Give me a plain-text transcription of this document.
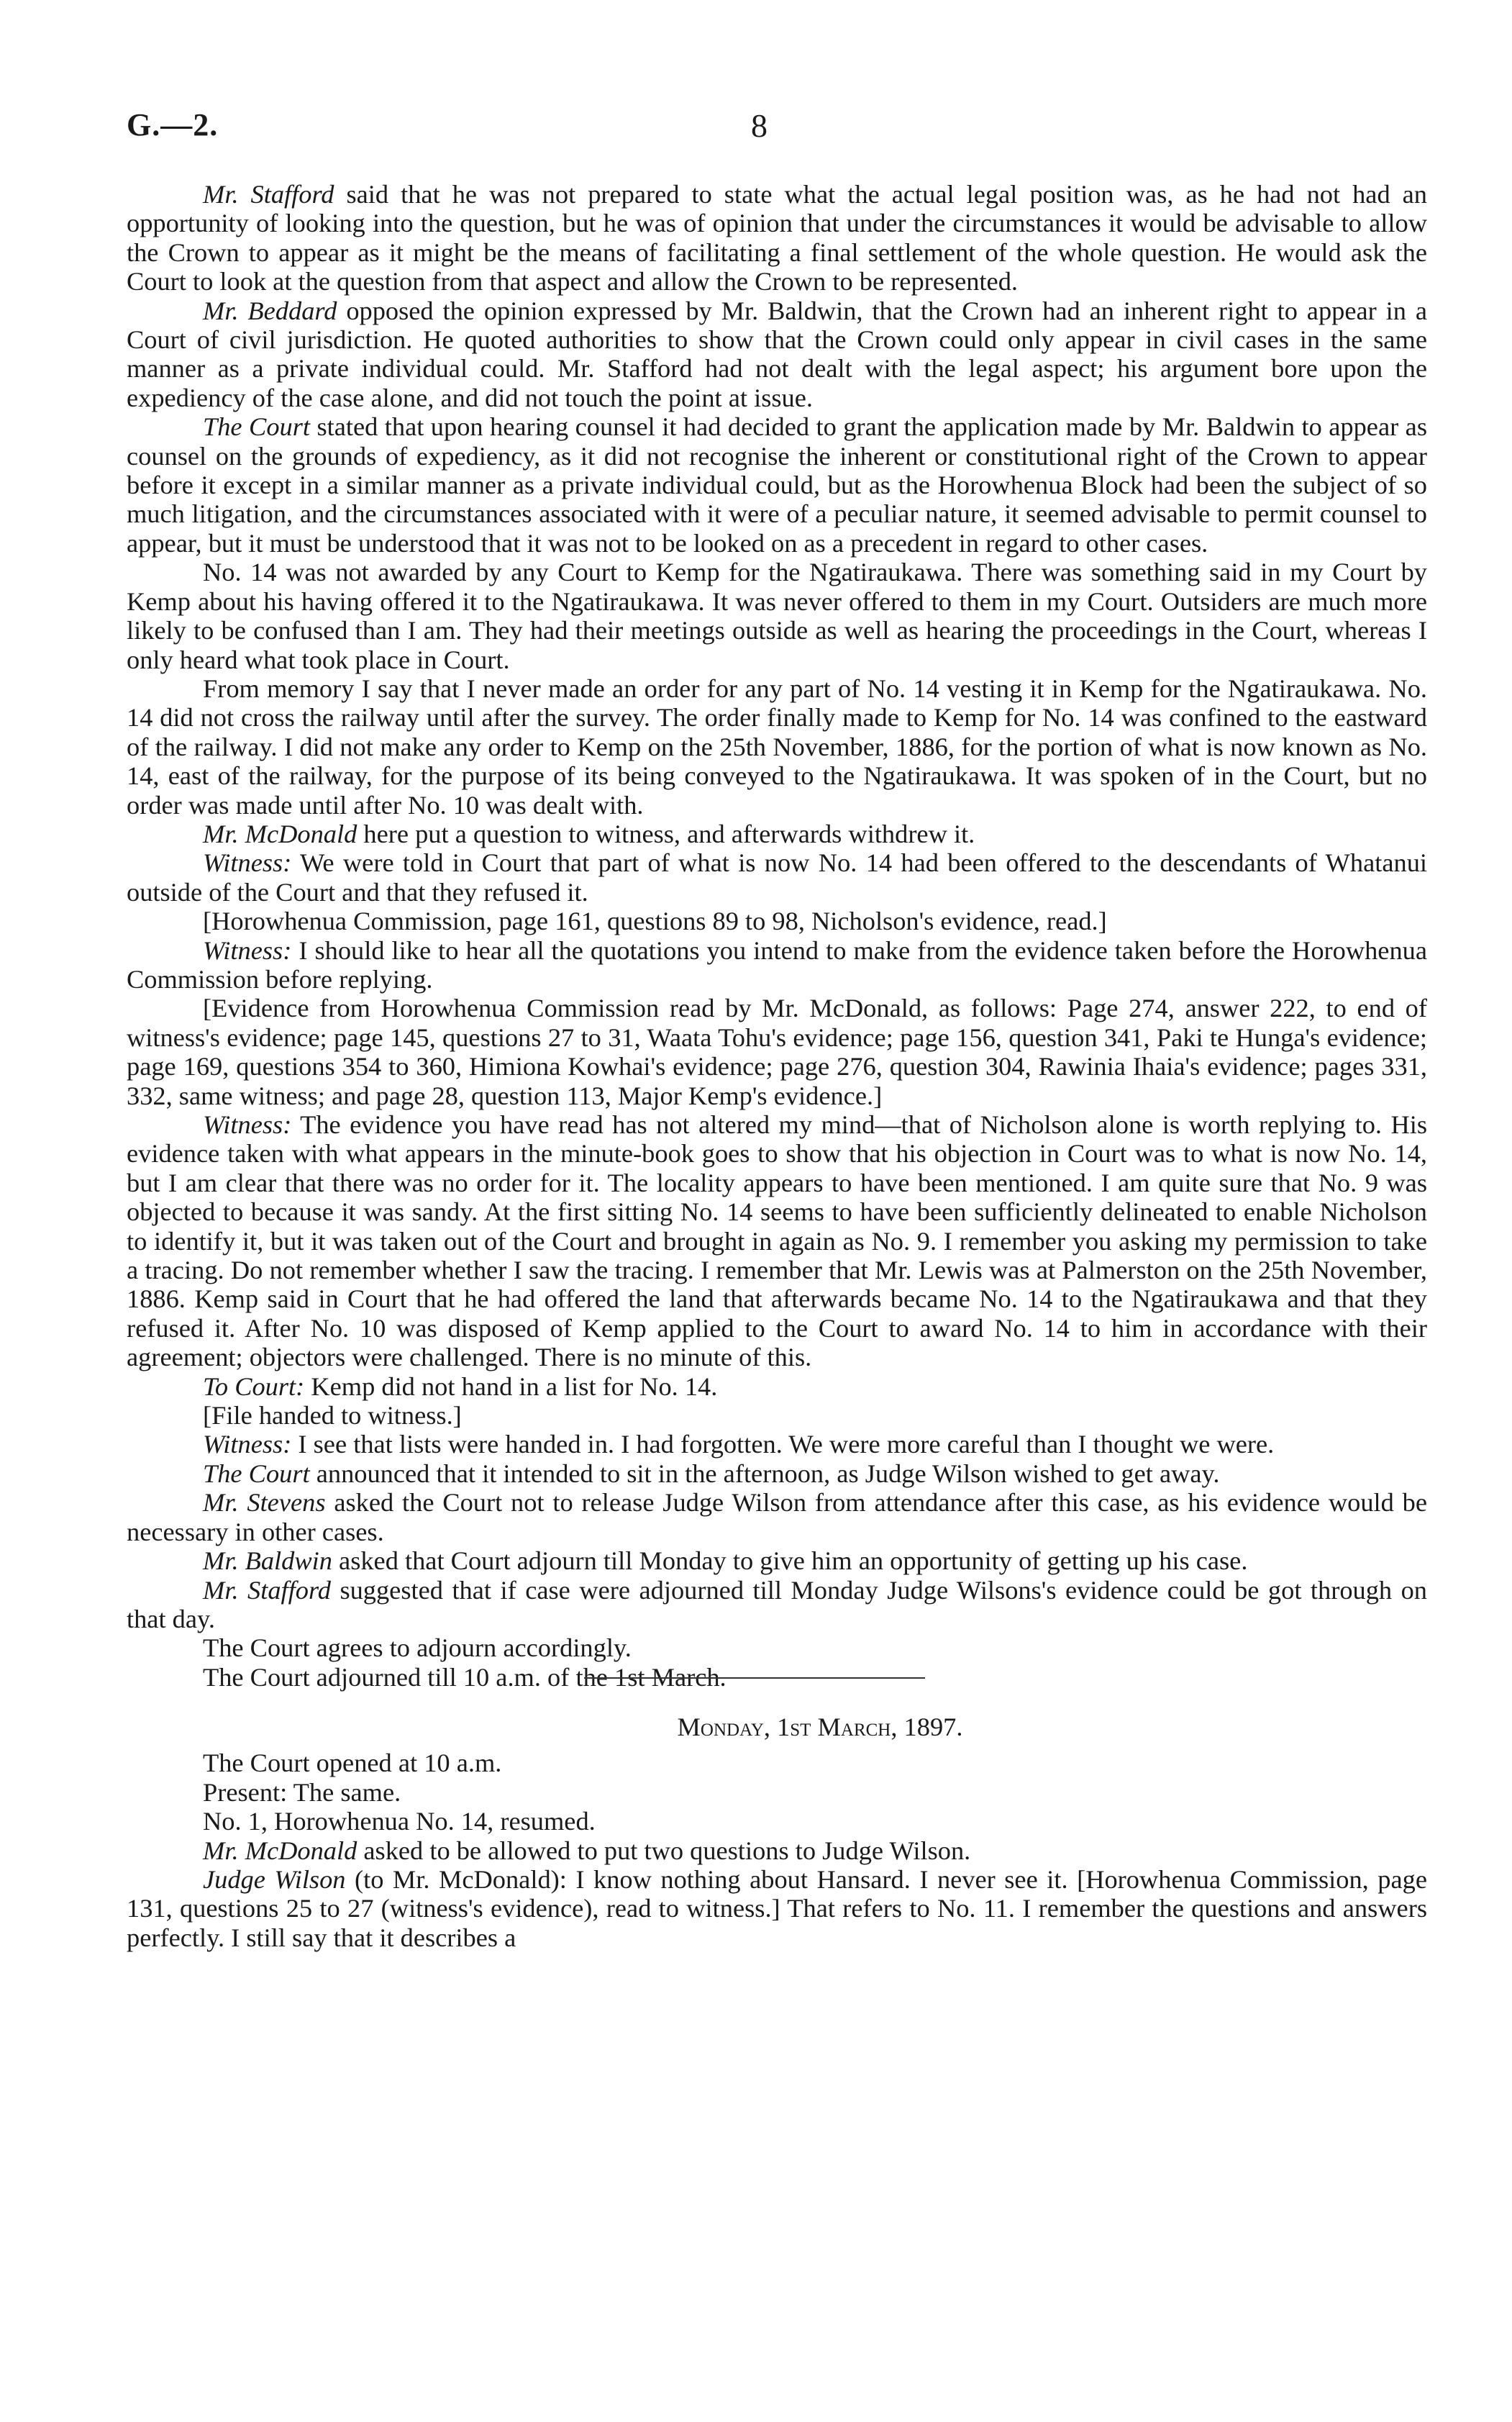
G.—2.	8

Mr. Stafford said that he was not prepared to state what the actual legal position was, as he had not had an opportunity of looking into the question, but he was of opinion that under the circumstances it would be advisable to allow the Crown to appear as it might be the means of facilitating a final settlement of the whole question. He would ask the Court to look at the question from that aspect and allow the Crown to be represented.

Mr. Beddard opposed the opinion expressed by Mr. Baldwin, that the Crown had an inherent right to appear in a Court of civil jurisdiction. He quoted authorities to show that the Crown could only appear in civil cases in the same manner as a private individual could. Mr. Stafford had not dealt with the legal aspect; his argument bore upon the expediency of the case alone, and did not touch the point at issue.

The Court stated that upon hearing counsel it had decided to grant the application made by Mr. Baldwin to appear as counsel on the grounds of expediency, as it did not recognise the inherent or constitutional right of the Crown to appear before it except in a similar manner as a private individual could, but as the Horowhenua Block had been the subject of so much litigation, and the circumstances associated with it were of a peculiar nature, it seemed advisable to permit counsel to appear, but it must be understood that it was not to be looked on as a precedent in regard to other cases.

No. 14 was not awarded by any Court to Kemp for the Ngatiraukawa. There was something said in my Court by Kemp about his having offered it to the Ngatiraukawa. It was never offered to them in my Court. Outsiders are much more likely to be confused than I am. They had their meetings outside as well as hearing the proceedings in the Court, whereas I only heard what took place in Court.

From memory I say that I never made an order for any part of No. 14 vesting it in Kemp for the Ngatiraukawa. No. 14 did not cross the railway until after the survey. The order finally made to Kemp for No. 14 was confined to the eastward of the railway. I did not make any order to Kemp on the 25th November, 1886, for the portion of what is now known as No. 14, east of the railway, for the purpose of its being conveyed to the Ngatiraukawa. It was spoken of in the Court, but no order was made until after No. 10 was dealt with.

Mr. McDonald here put a question to witness, and afterwards withdrew it.

Witness: We were told in Court that part of what is now No. 14 had been offered to the descendants of Whatanui outside of the Court and that they refused it.

[Horowhenua Commission, page 161, questions 89 to 98, Nicholson's evidence, read.]

Witness: I should like to hear all the quotations you intend to make from the evidence taken before the Horowhenua Commission before replying.

[Evidence from Horowhenua Commission read by Mr. McDonald, as follows: Page 274, answer 222, to end of witness's evidence; page 145, questions 27 to 31, Waata Tohu's evidence; page 156, question 341, Paki te Hunga's evidence; page 169, questions 354 to 360, Himiona Kowhai's evidence; page 276, question 304, Rawinia Ihaia's evidence; pages 331, 332, same witness; and page 28, question 113, Major Kemp's evidence.]

Witness: The evidence you have read has not altered my mind—that of Nicholson alone is worth replying to. His evidence taken with what appears in the minute-book goes to show that his objection in Court was to what is now No. 14, but I am clear that there was no order for it. The locality appears to have been mentioned. I am quite sure that No. 9 was objected to because it was sandy. At the first sitting No. 14 seems to have been sufficiently delineated to enable Nicholson to identify it, but it was taken out of the Court and brought in again as No. 9. I remember you asking my permission to take a tracing. Do not remember whether I saw the tracing. I remember that Mr. Lewis was at Palmerston on the 25th November, 1886. Kemp said in Court that he had offered the land that afterwards became No. 14 to the Ngatiraukawa and that they refused it. After No. 10 was disposed of Kemp applied to the Court to award No. 14 to him in accordance with their agreement; objectors were challenged. There is no minute of this.

To Court: Kemp did not hand in a list for No. 14.

[File handed to witness.]

Witness: I see that lists were handed in. I had forgotten. We were more careful than I thought we were.

The Court announced that it intended to sit in the afternoon, as Judge Wilson wished to get away.

Mr. Stevens asked the Court not to release Judge Wilson from attendance after this case, as his evidence would be necessary in other cases.

Mr. Baldwin asked that Court adjourn till Monday to give him an opportunity of getting up his case.

Mr. Stafford suggested that if case were adjourned till Monday Judge Wilsons's evidence could be got through on that day.

The Court agrees to adjourn accordingly.

The Court adjourned till 10 a.m. of the 1st March.

Monday, 1st March, 1897.

The Court opened at 10 a.m.

Present: The same.

No. 1, Horowhenua No. 14, resumed.

Mr. McDonald asked to be allowed to put two questions to Judge Wilson.

Judge Wilson (to Mr. McDonald): I know nothing about Hansard. I never see it. [Horowhenua Commission, page 131, questions 25 to 27 (witness's evidence), read to witness.] That refers to No. 11. I remember the questions and answers perfectly. I still say that it describes a
